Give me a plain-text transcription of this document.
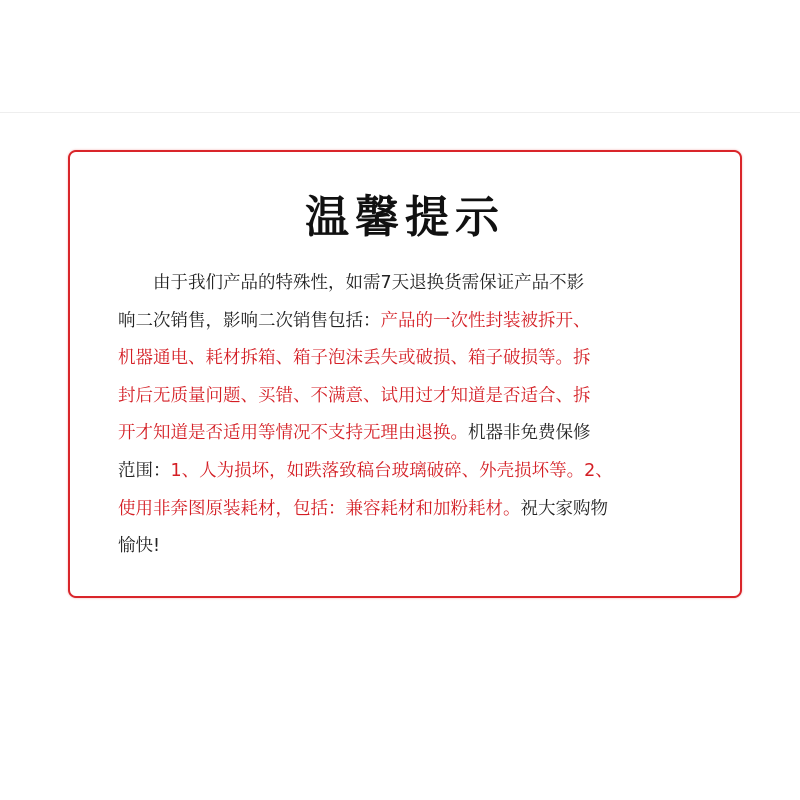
温馨提示
由于我们产品的特殊性，如需7天退换货需保证产品不影
响二次销售，影响二次销售包括：产品的一次性封装被拆开、
机器通电、耗材拆箱、箱子泡沫丢失或破损、箱子破损等。拆
封后无质量问题、买错、不满意、试用过才知道是否适合、拆
开才知道是否适用等情况不支持无理由退换。机器非免费保修
范围：1、人为损坏，如跌落致稿台玻璃破碎、外壳损坏等。2、
使用非奔图原装耗材，包括：兼容耗材和加粉耗材。祝大家购物
愉快!
